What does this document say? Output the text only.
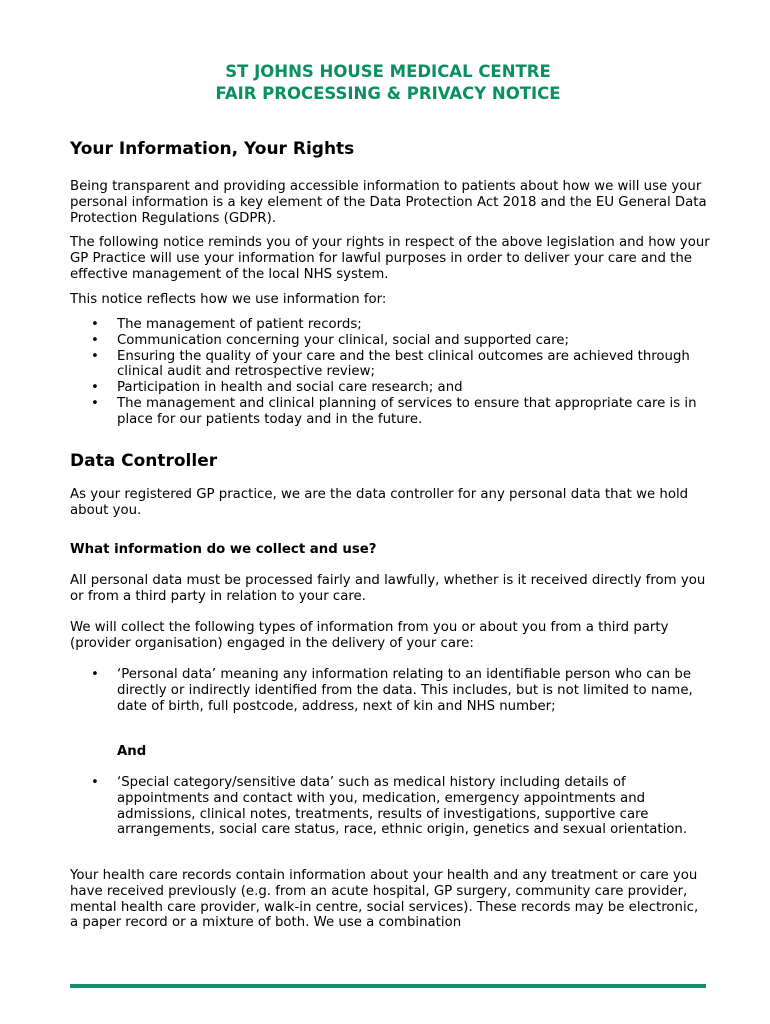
ST JOHNS HOUSE MEDICAL CENTRE
FAIR PROCESSING & PRIVACY NOTICE
Your Information, Your Rights
Being transparent and providing accessible information to patients about how we will use your personal information is a key element of the Data Protection Act 2018 and the EU General Data Protection Regulations (GDPR).
The following notice reminds you of your rights in respect of the above legislation and how your GP Practice will use your information for lawful purposes in order to deliver your care and the effective management of the local NHS system.
This notice reflects how we use information for:
• The management of patient records;
• Communication concerning your clinical, social and supported care;
• Ensuring the quality of your care and the best clinical outcomes are achieved through clinical audit and retrospective review;
• Participation in health and social care research; and
• The management and clinical planning of services to ensure that appropriate care is in place for our patients today and in the future.
Data Controller
As your registered GP practice, we are the data controller for any personal data that we hold about you.
What information do we collect and use?
All personal data must be processed fairly and lawfully, whether is it received directly from you or from a third party in relation to your care.
We will collect the following types of information from you or about you from a third party (provider organisation) engaged in the delivery of your care:
• ‘Personal data’ meaning any information relating to an identifiable person who can be directly or indirectly identified from the data. This includes, but is not limited to name, date of birth, full postcode, address, next of kin and NHS number;
And
• ‘Special category/sensitive data’ such as medical history including details of appointments and contact with you, medication, emergency appointments and admissions, clinical notes, treatments, results of investigations, supportive care arrangements, social care status, race, ethnic origin, genetics and sexual orientation.
Your health care records contain information about your health and any treatment or care you have received previously (e.g. from an acute hospital, GP surgery, community care provider, mental health care provider, walk-in centre, social services). These records may be electronic, a paper record or a mixture of both. We use a combination
